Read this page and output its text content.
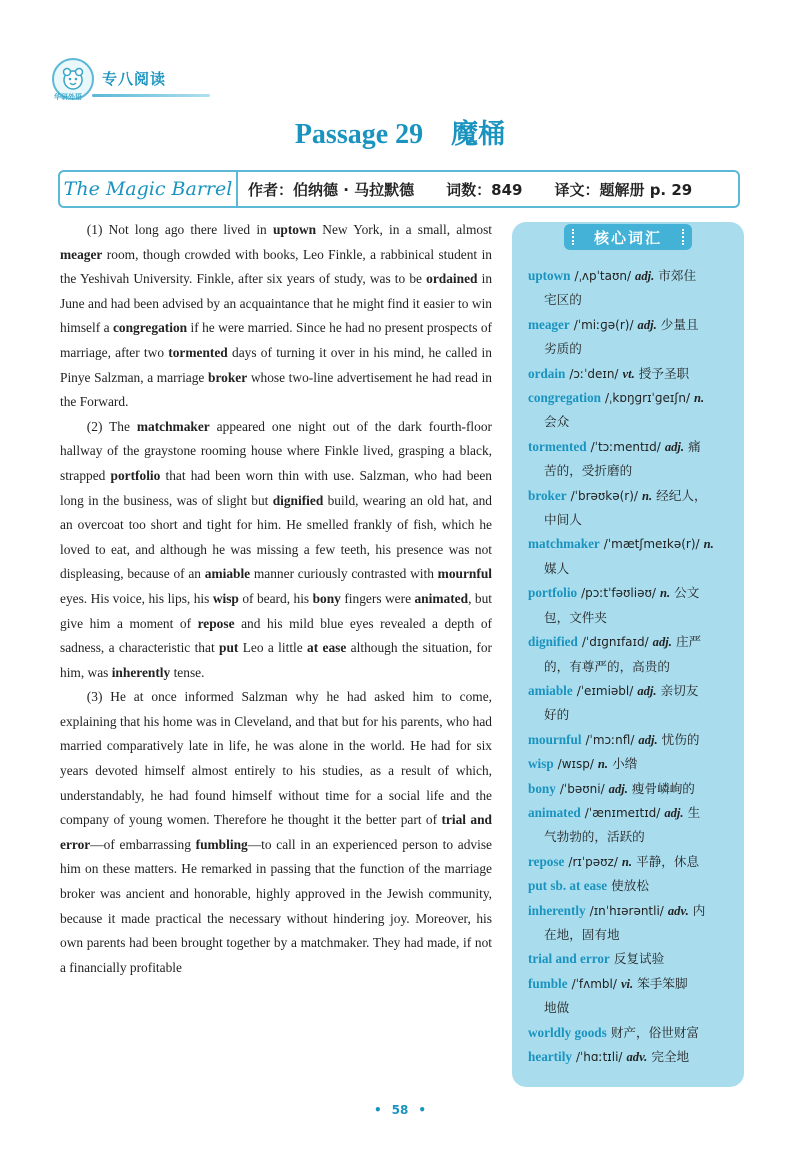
华研外语
专八阅读
Passage 29 魔桶
The Magic Barrel	作者：伯纳德 · 马拉默德 词数：849 译文：题解册 p. 29

(1) Not long ago there lived in uptown New York, in a small, almost meager room, though crowded with books, Leo Finkle, a rabbinical student in the Yeshivah University. Finkle, after six years of study, was to be ordained in June and had been advised by an acquaintance that he might find it easier to win himself a congregation if he were married. Since he had no present prospects of marriage, after two tormented days of turning it over in his mind, he called in Pinye Salzman, a marriage broker whose two-line advertisement he had read in the Forward.

(2) The matchmaker appeared one night out of the dark fourth-floor hallway of the graystone rooming house where Finkle lived, grasping a black, strapped portfolio that had been worn thin with use. Salzman, who had been long in the business, was of slight but dignified build, wearing an old hat, and an overcoat too short and tight for him. He smelled frankly of fish, which he loved to eat, and although he was missing a few teeth, his presence was not displeasing, because of an amiable manner curiously contrasted with mournful eyes. His voice, his lips, his wisp of beard, his bony fingers were animated, but give him a moment of repose and his mild blue eyes revealed a depth of sadness, a characteristic that put Leo a little at ease although the situation, for him, was inherently tense.

(3) He at once informed Salzman why he had asked him to come, explaining that his home was in Cleveland, and that but for his parents, who had married comparatively late in life, he was alone in the world. He had for six years devoted himself almost entirely to his studies, as a result of which, understandably, he had found himself without time for a social life and the company of young women. Therefore he thought it the better part of trial and error—of embarrassing fumbling—to call in an experienced person to advise him on these matters. He remarked in passing that the function of the marriage broker was ancient and honorable, highly approved in the Jewish community, because it made practical the necessary without hindering joy. Moreover, his own parents had been brought together by a matchmaker. They had made, if not a financially profitable

核心词汇
uptown /ˌʌpˈtaʊn/ adj. 市郊住
宅区的
meager /ˈmiːɡə(r)/ adj. 少量且
劣质的
ordain /ɔːˈdeɪn/ vt. 授予圣职
congregation /ˌkɒŋɡrɪˈɡeɪʃn/ n.
会众
tormented /ˈtɔːmentɪd/ adj. 痛
苦的，受折磨的
broker /ˈbrəʊkə(r)/ n. 经纪人，
中间人
matchmaker /ˈmætʃmeɪkə(r)/ n.
媒人
portfolio /pɔːtˈfəʊliəʊ/ n. 公文
包，文件夹
dignified /ˈdɪɡnɪfaɪd/ adj. 庄严
的，有尊严的，高贵的
amiable /ˈeɪmiəbl/ adj. 亲切友
好的
mournful /ˈmɔːnfl/ adj. 忧伤的
wisp /wɪsp/ n. 小绺
bony /ˈbəʊni/ adj. 瘦骨嶙峋的
animated /ˈænɪmeɪtɪd/ adj. 生
气勃勃的，活跃的
repose /rɪˈpəʊz/ n. 平静，休息
put sb. at ease 使放松
inherently /ɪnˈhɪərəntli/ adv. 内
在地，固有地
trial and error 反复试验
fumble /ˈfʌmbl/ vi. 笨手笨脚
地做
worldly goods 财产，俗世财富
heartily /ˈhɑːtɪli/ adv. 完全地
• 58 •
